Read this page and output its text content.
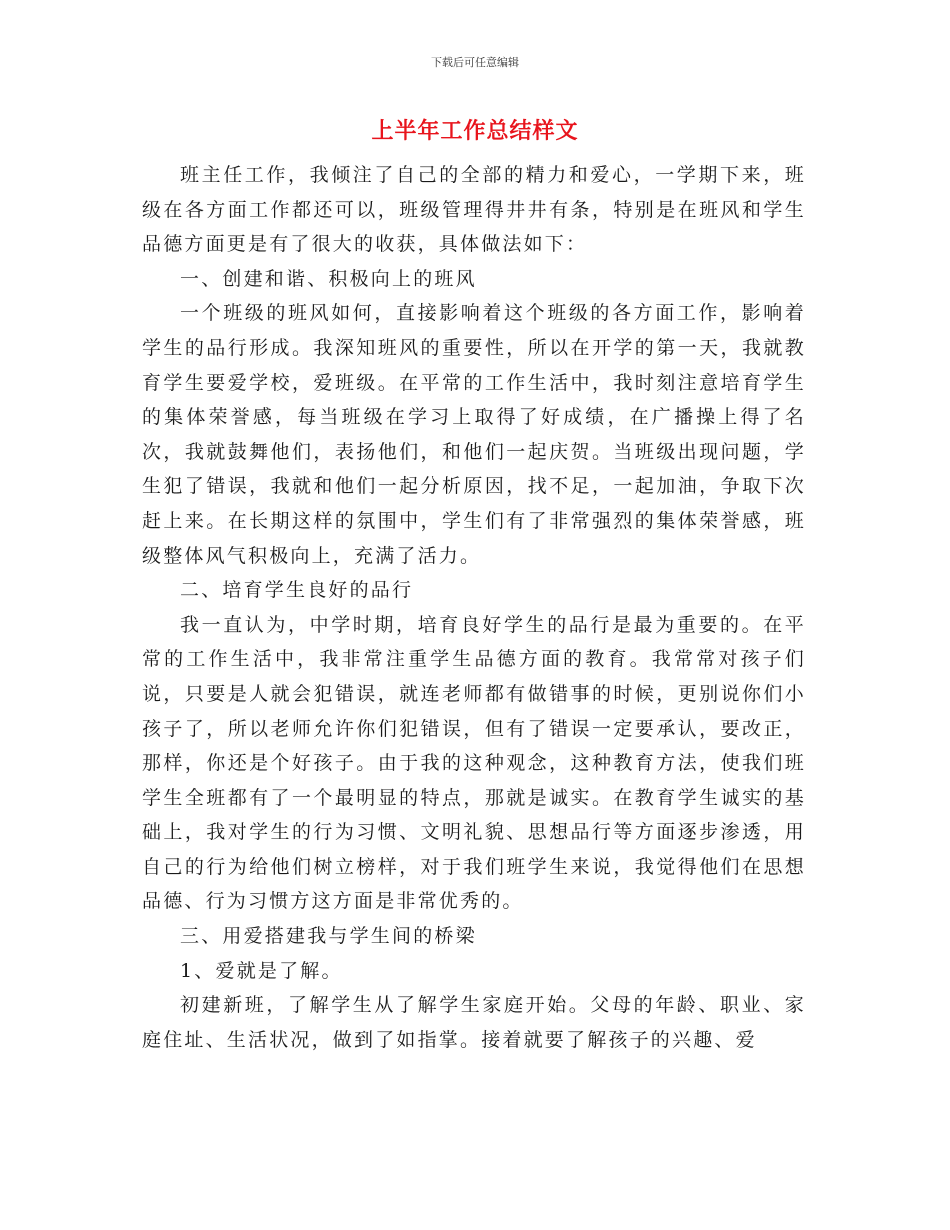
下载后可任意编辑
上半年工作总结样文

班主任工作，我倾注了自己的全部的精力和爱心，一学期下来，班级在各方面工作都还可以，班级管理得井井有条，特别是在班风和学生品德方面更是有了很大的收获，具体做法如下：

一、创建和谐、积极向上的班风

一个班级的班风如何，直接影响着这个班级的各方面工作，影响着学生的品行形成。我深知班风的重要性，所以在开学的第一天，我就教育学生要爱学校，爱班级。在平常的工作生活中，我时刻注意培育学生的集体荣誉感，每当班级在学习上取得了好成绩，在广播操上得了名次，我就鼓舞他们，表扬他们，和他们一起庆贺。当班级出现问题，学生犯了错误，我就和他们一起分析原因，找不足，一起加油，争取下次赶上来。在长期这样的氛围中，学生们有了非常强烈的集体荣誉感，班级整体风气积极向上，充满了活力。

二、培育学生良好的品行

我一直认为，中学时期，培育良好学生的品行是最为重要的。在平常的工作生活中，我非常注重学生品德方面的教育。我常常对孩子们说，只要是人就会犯错误，就连老师都有做错事的时候，更别说你们小孩子了，所以老师允许你们犯错误，但有了错误一定要承认，要改正，那样，你还是个好孩子。由于我的这种观念，这种教育方法，使我们班学生全班都有了一个最明显的特点，那就是诚实。在教育学生诚实的基础上，我对学生的行为习惯、文明礼貌、思想品行等方面逐步渗透，用自己的行为给他们树立榜样，对于我们班学生来说，我觉得他们在思想品德、行为习惯方这方面是非常优秀的。

三、用爱搭建我与学生间的桥梁

1、爱就是了解。

初建新班，了解学生从了解学生家庭开始。父母的年龄、职业、家庭住址、生活状况，做到了如指掌。接着就要了解孩子的兴趣、爱
